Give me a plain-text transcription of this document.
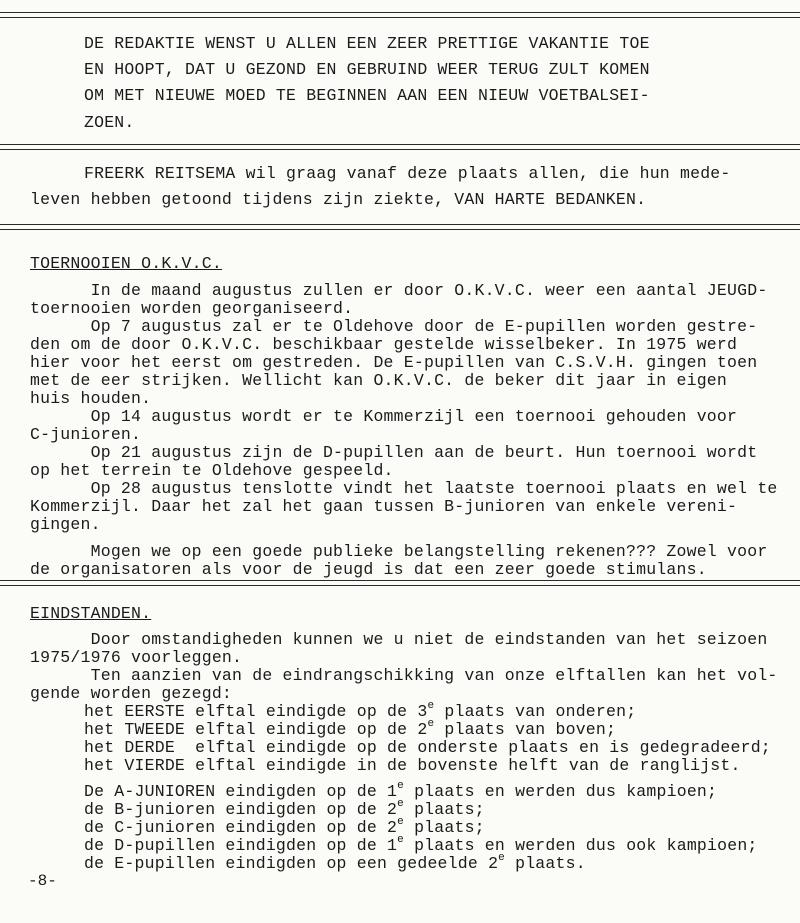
DE REDAKTIE WENST U ALLEN EEN ZEER PRETTIGE VAKANTIE TOE
EN HOOPT, DAT U GEZOND EN GEBRUIND WEER TERUG ZULT KOMEN
OM MET NIEUWE MOED TE BEGINNEN AAN EEN NIEUW VOETBALSEI-
ZOEN.
FREERK REITSEMA wil graag vanaf deze plaats allen, die hun mede-
leven hebben getoond tijdens zijn ziekte, VAN HARTE BEDANKEN.
TOERNOOIEN O.K.V.C.
In de maand augustus zullen er door O.K.V.C. weer een aantal JEUGD-
toernooien worden georganiseerd.
Op 7 augustus zal er te Oldehove door de E-pupillen worden gestre-
den om de door O.K.V.C. beschikbaar gestelde wisselbeker. In 1975 werd
hier voor het eerst om gestreden. De E-pupillen van C.S.V.H. gingen toen
met de eer strijken. Wellicht kan O.K.V.C. de beker dit jaar in eigen
huis houden.
Op 14 augustus wordt er te Kommerzijl een toernooi gehouden voor
C-junioren.
Op 21 augustus zijn de D-pupillen aan de beurt. Hun toernooi wordt
op het terrein te Oldehove gespeeld.
Op 28 augustus tenslotte vindt het laatste toernooi plaats en wel te
Kommerzijl. Daar het zal het gaan tussen B-junioren van enkele vereni-
gingen.
Mogen we op een goede publieke belangstelling rekenen??? Zowel voor
de organisatoren als voor de jeugd is dat een zeer goede stimulans.
EINDSTANDEN.
Door omstandigheden kunnen we u niet de eindstanden van het seizoen
1975/1976 voorleggen.
Ten aanzien van de eindrangschikking van onze elftallen kan het vol-
gende worden gezegd:
het EERSTE elftal eindigde op de 3e plaats van onderen;
het TWEEDE elftal eindigde op de 2e plaats van boven;
het DERDE  elftal eindigde op de onderste plaats en is gedegradeerd;
het VIERDE elftal eindigde in de bovenste helft van de ranglijst.
De A-JUNIOREN eindigden op de 1e plaats en werden dus kampioen;
de B-junioren eindigden op de 2e plaats;
de C-junioren eindigden op de 2e plaats;
de D-pupillen eindigden op de 1e plaats en werden dus ook kampioen;
de E-pupillen eindigden op een gedeelde 2e plaats.
-8-
